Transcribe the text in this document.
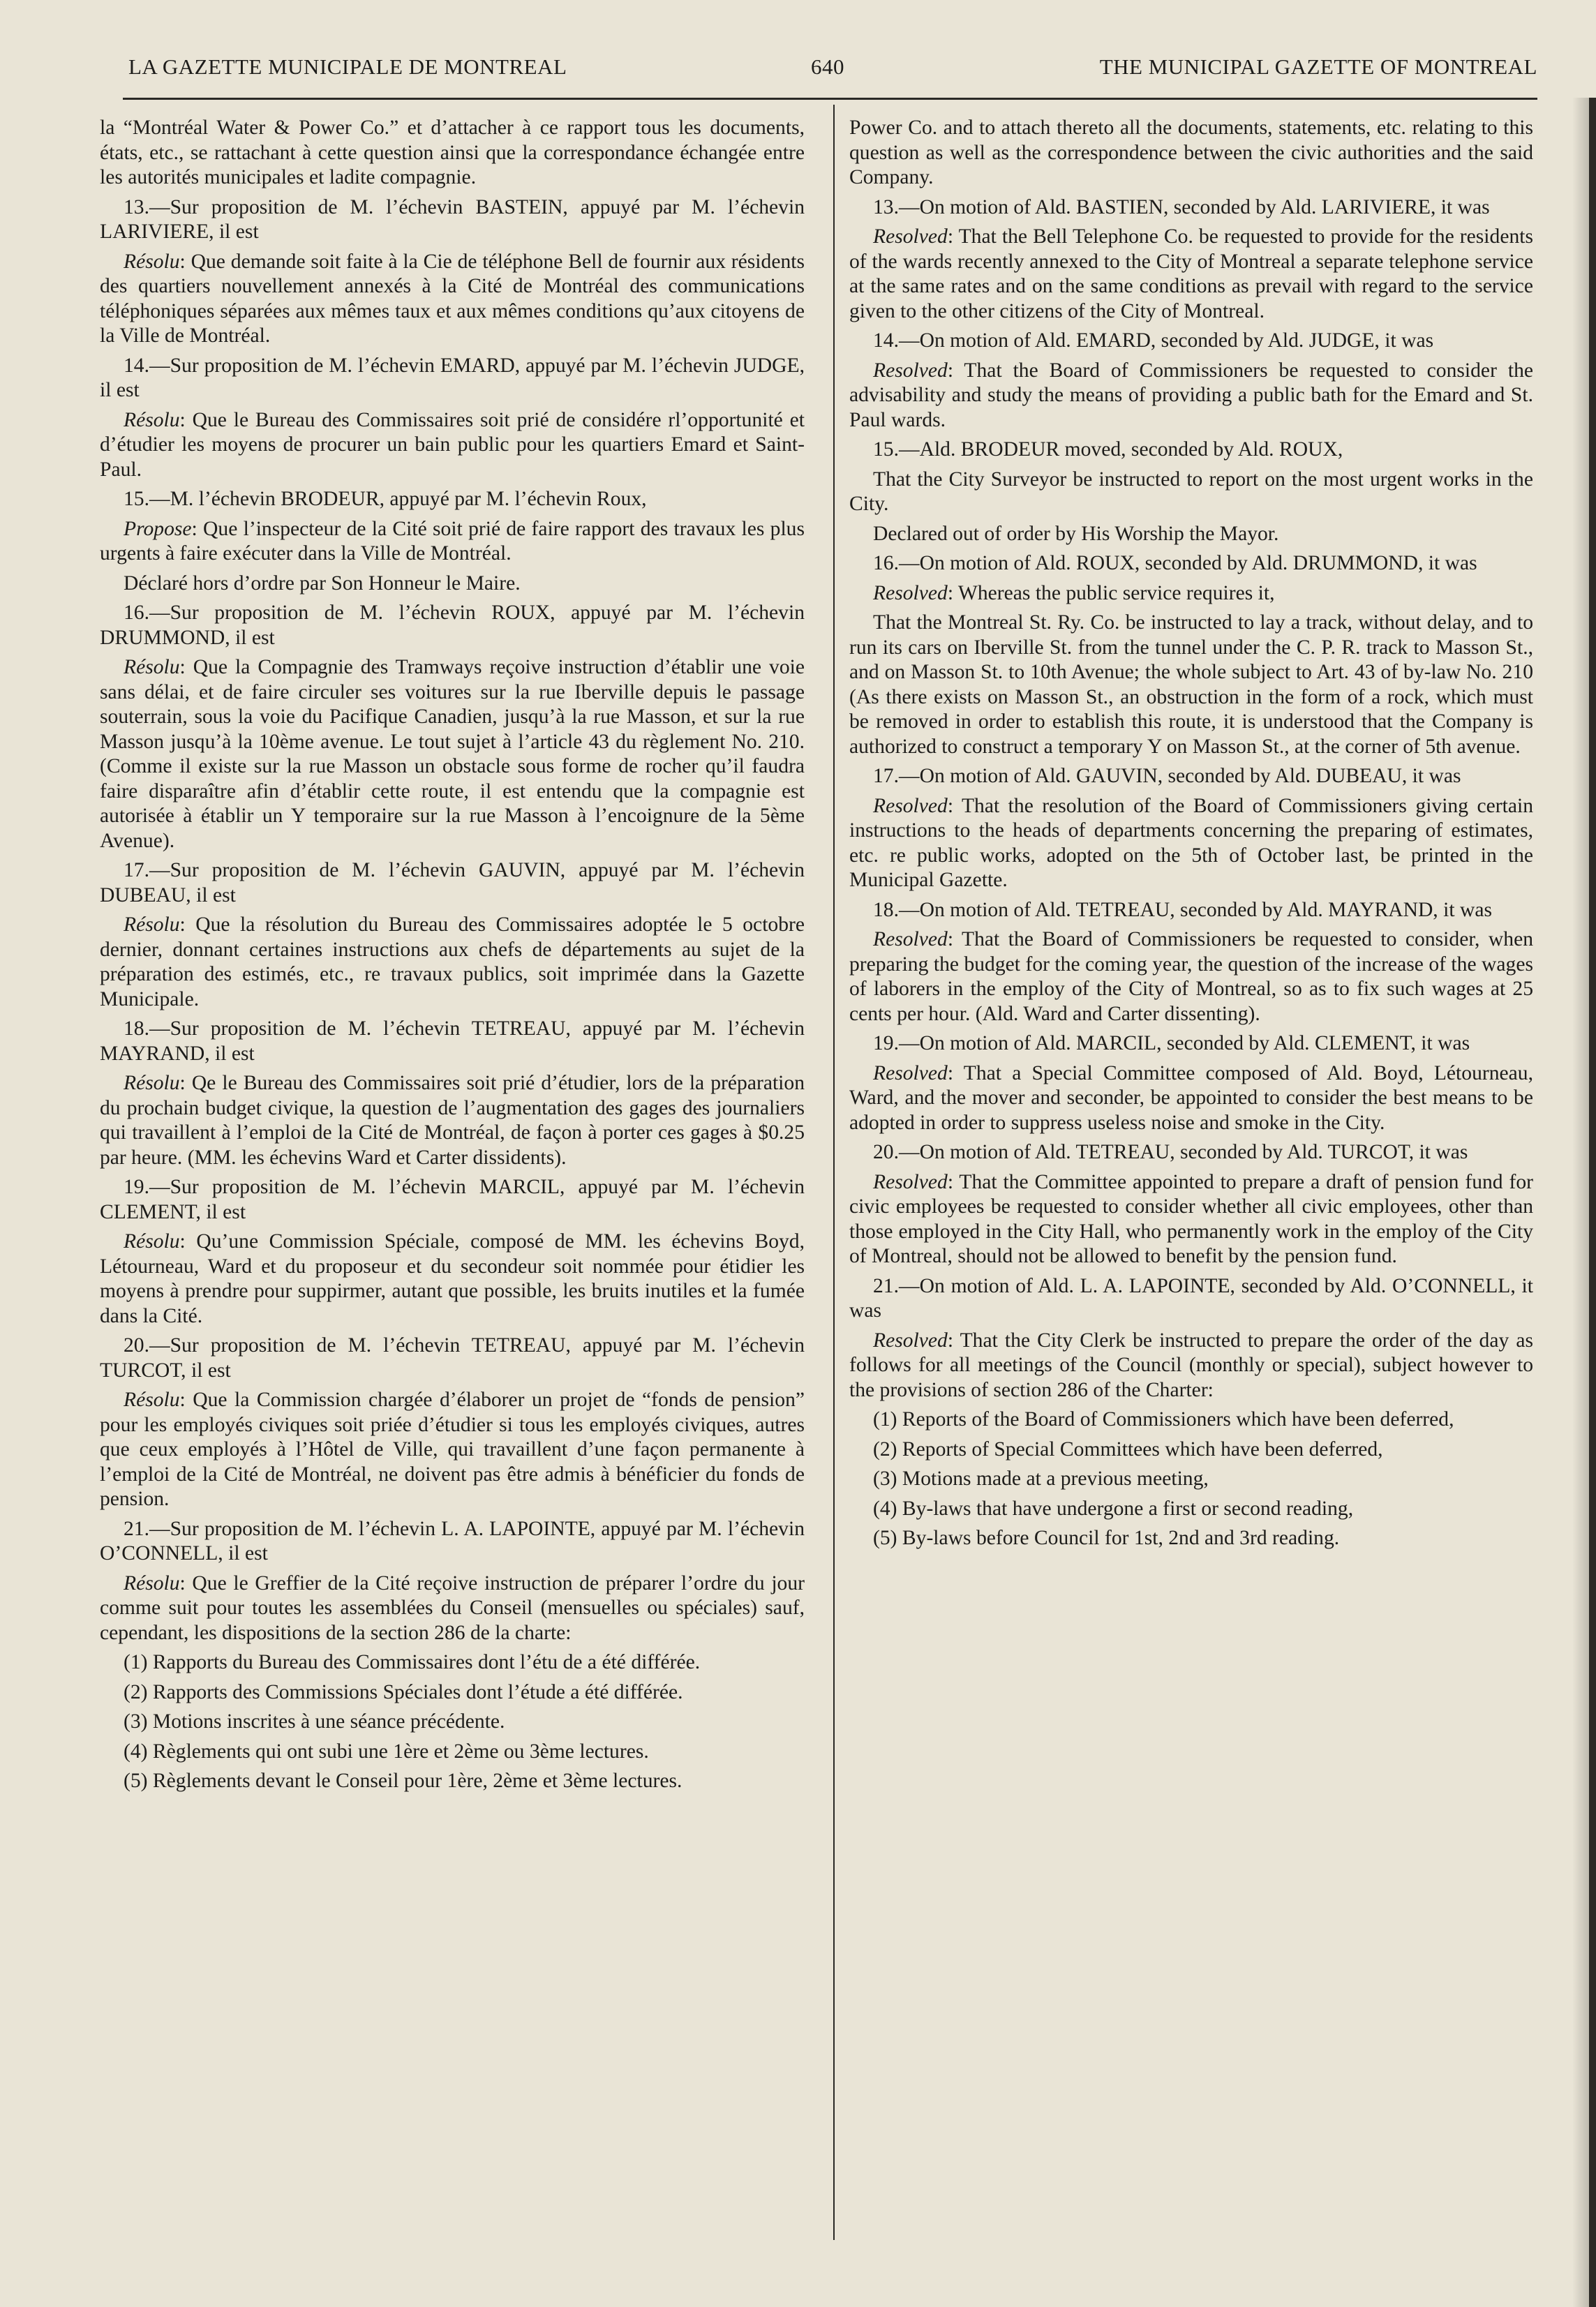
LA GAZETTE MUNICIPALE DE MONTREAL	640	THE MUNICIPAL GAZETTE OF MONTREAL

la “Montréal Water & Power Co.” et d’attacher à ce rapport tous les documents, états, etc., se rattachant à cette question ainsi que la correspondance échangée entre les autorités municipales et ladite compagnie.

13.—Sur proposition de M. l’échevin BASTEIN, appuyé par M. l’échevin LARIVIERE, il est

Résolu: Que demande soit faite à la Cie de téléphone Bell de fournir aux résidents des quartiers nouvellement annexés à la Cité de Montréal des communications téléphoniques séparées aux mêmes taux et aux mêmes conditions qu’aux citoyens de la Ville de Montréal.

14.—Sur proposition de M. l’échevin EMARD, appuyé par M. l’échevin JUDGE, il est

Résolu: Que le Bureau des Commissaires soit prié de considére rl’opportunité et d’étudier les moyens de procurer un bain public pour les quartiers Emard et Saint-Paul.

15.—M. l’échevin BRODEUR, appuyé par M. l’échevin Roux,

Propose: Que l’inspecteur de la Cité soit prié de faire rapport des travaux les plus urgents à faire exécuter dans la Ville de Montréal.

Déclaré hors d’ordre par Son Honneur le Maire.

16.—Sur proposition de M. l’échevin ROUX, appuyé par M. l’échevin DRUMMOND, il est

Résolu: Que la Compagnie des Tramways reçoive instruction d’établir une voie sans délai, et de faire circuler ses voitures sur la rue Iberville depuis le passage souterrain, sous la voie du Pacifique Canadien, jusqu’à la rue Masson, et sur la rue Masson jusqu’à la 10ème avenue. Le tout sujet à l’article 43 du règlement No. 210. (Comme il existe sur la rue Masson un obstacle sous forme de rocher qu’il faudra faire disparaître afin d’établir cette route, il est entendu que la compagnie est autorisée à établir un Y temporaire sur la rue Masson à l’encoignure de la 5ème Avenue).

17.—Sur proposition de M. l’échevin GAUVIN, appuyé par M. l’échevin DUBEAU, il est

Résolu: Que la résolution du Bureau des Commissaires adoptée le 5 octobre dernier, donnant certaines instructions aux chefs de départements au sujet de la préparation des estimés, etc., re travaux publics, soit imprimée dans la Gazette Municipale.

18.—Sur proposition de M. l’échevin TETREAU, appuyé par M. l’échevin MAYRAND, il est

Résolu: Qe le Bureau des Commissaires soit prié d’étudier, lors de la préparation du prochain budget civique, la question de l’augmentation des gages des journaliers qui travaillent à l’emploi de la Cité de Montréal, de façon à porter ces gages à $0.25 par heure. (MM. les échevins Ward et Carter dissidents).

19.—Sur proposition de M. l’échevin MARCIL, appuyé par M. l’échevin CLEMENT, il est

Résolu: Qu’une Commission Spéciale, composé de MM. les échevins Boyd, Létourneau, Ward et du proposeur et du secondeur soit nommée pour étidier les moyens à prendre pour suppirmer, autant que possible, les bruits inutiles et la fumée dans la Cité.

20.—Sur proposition de M. l’échevin TETREAU, appuyé par M. l’échevin TURCOT, il est

Résolu: Que la Commission chargée d’élaborer un projet de “fonds de pension” pour les employés civiques soit priée d’étudier si tous les employés civiques, autres que ceux employés à l’Hôtel de Ville, qui travaillent d’une façon permanente à l’emploi de la Cité de Montréal, ne doivent pas être admis à bénéficier du fonds de pension.

21.—Sur proposition de M. l’échevin L. A. LAPOINTE, appuyé par M. l’échevin O’CONNELL, il est

Résolu: Que le Greffier de la Cité reçoive instruction de préparer l’ordre du jour comme suit pour toutes les assemblées du Conseil (mensuelles ou spéciales) sauf, cependant, les dispositions de la section 286 de la charte:

(1) Rapports du Bureau des Commissaires dont l’étu de a été différée.

(2) Rapports des Commissions Spéciales dont l’étude a été différée.

(3) Motions inscrites à une séance précédente.

(4) Règlements qui ont subi une 1ère et 2ème ou 3ème lectures.

(5) Règlements devant le Conseil pour 1ère, 2ème et 3ème lectures.

Power Co. and to attach thereto all the documents, statements, etc. relating to this question as well as the correspondence between the civic authorities and the said Company.

13.—On motion of Ald. BASTIEN, seconded by Ald. LARIVIERE, it was

Resolved: That the Bell Telephone Co. be requested to provide for the residents of the wards recently annexed to the City of Montreal a separate telephone service at the same rates and on the same conditions as prevail with regard to the service given to the other citizens of the City of Montreal.

14.—On motion of Ald. EMARD, seconded by Ald. JUDGE, it was

Resolved: That the Board of Commissioners be requested to consider the advisability and study the means of providing a public bath for the Emard and St. Paul wards.

15.—Ald. BRODEUR moved, seconded by Ald. ROUX,

That the City Surveyor be instructed to report on the most urgent works in the City.

Declared out of order by His Worship the Mayor.

16.—On motion of Ald. ROUX, seconded by Ald. DRUMMOND, it was

Resolved: Whereas the public service requires it,

That the Montreal St. Ry. Co. be instructed to lay a track, without delay, and to run its cars on Iberville St. from the tunnel under the C. P. R. track to Masson St., and on Masson St. to 10th Avenue; the whole subject to Art. 43 of by-law No. 210 (As there exists on Masson St., an obstruction in the form of a rock, which must be removed in order to establish this route, it is understood that the Company is authorized to construct a temporary Y on Masson St., at the corner of 5th avenue.

17.—On motion of Ald. GAUVIN, seconded by Ald. DUBEAU, it was

Resolved: That the resolution of the Board of Commissioners giving certain instructions to the heads of departments concerning the preparing of estimates, etc. re public works, adopted on the 5th of October last, be printed in the Municipal Gazette.

18.—On motion of Ald. TETREAU, seconded by Ald. MAYRAND, it was

Resolved: That the Board of Commissioners be requested to consider, when preparing the budget for the coming year, the question of the increase of the wages of laborers in the employ of the City of Montreal, so as to fix such wages at 25 cents per hour. (Ald. Ward and Carter dissenting).

19.—On motion of Ald. MARCIL, seconded by Ald. CLEMENT, it was

Resolved: That a Special Committee composed of Ald. Boyd, Létourneau, Ward, and the mover and seconder, be appointed to consider the best means to be adopted in order to suppress useless noise and smoke in the City.

20.—On motion of Ald. TETREAU, seconded by Ald. TURCOT, it was

Resolved: That the Committee appointed to prepare a draft of pension fund for civic employees be requested to consider whether all civic employees, other than those employed in the City Hall, who permanently work in the employ of the City of Montreal, should not be allowed to benefit by the pension fund.

21.—On motion of Ald. L. A. LAPOINTE, seconded by Ald. O’CONNELL, it was

Resolved: That the City Clerk be instructed to prepare the order of the day as follows for all meetings of the Council (monthly or special), subject however to the provisions of section 286 of the Charter:

(1) Reports of the Board of Commissioners which have been deferred,

(2) Reports of Special Committees which have been deferred,

(3) Motions made at a previous meeting,

(4) By-laws that have undergone a first or second reading,

(5) By-laws before Council for 1st, 2nd and 3rd reading.
